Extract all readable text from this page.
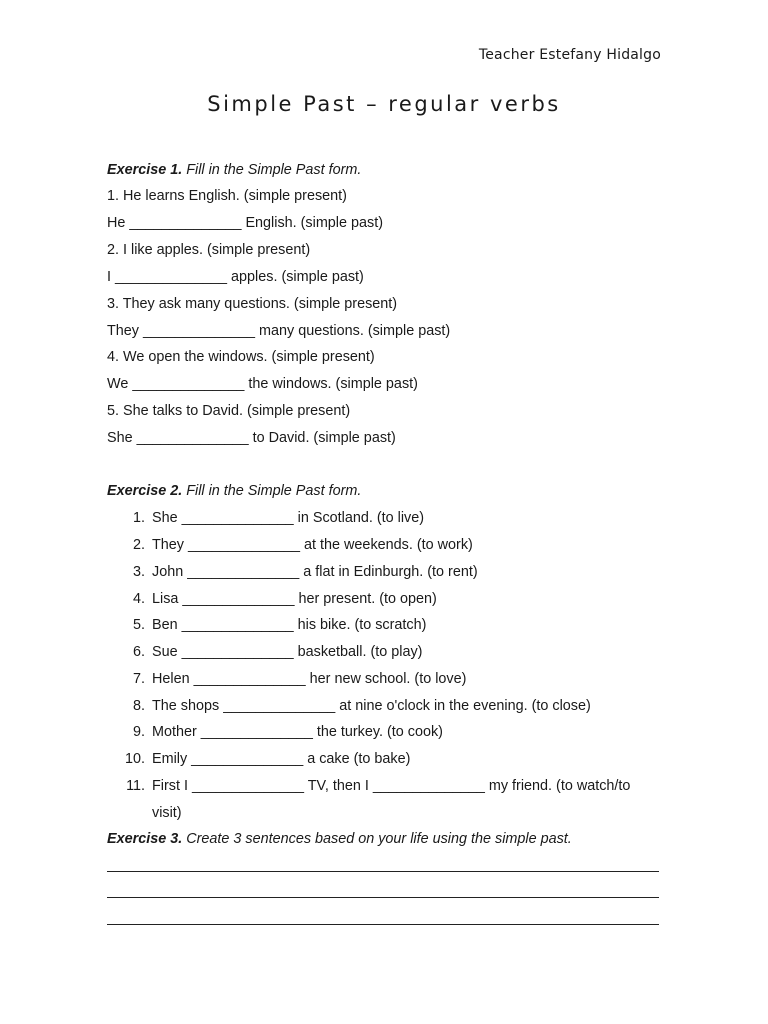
Teacher Estefany Hidalgo
Simple Past – regular verbs
Exercise 1. Fill in the Simple Past form.
1. He learns English. (simple present)
He ______________ English. (simple past)
2. I like apples. (simple present)
I ______________ apples. (simple past)
3. They ask many questions. (simple present)
They ______________ many questions. (simple past)
4. We open the windows. (simple present)
We ______________ the windows. (simple past)
5. She talks to David. (simple present)
She ______________ to David. (simple past)
Exercise 2. Fill in the Simple Past form.
1. She ______________ in Scotland. (to live)
2. They ______________ at the weekends. (to work)
3. John ______________ a flat in Edinburgh. (to rent)
4. Lisa ______________ her present. (to open)
5. Ben ______________ his bike. (to scratch)
6. Sue ______________ basketball. (to play)
7. Helen ______________ her new school. (to love)
8. The shops ______________ at nine o'clock in the evening. (to close)
9. Mother ______________ the turkey. (to cook)
10. Emily ______________ a cake (to bake)
11. First I ______________ TV, then I ______________ my friend. (to watch/to
visit)
Exercise 3. Create 3 sentences based on your life using the simple past.
